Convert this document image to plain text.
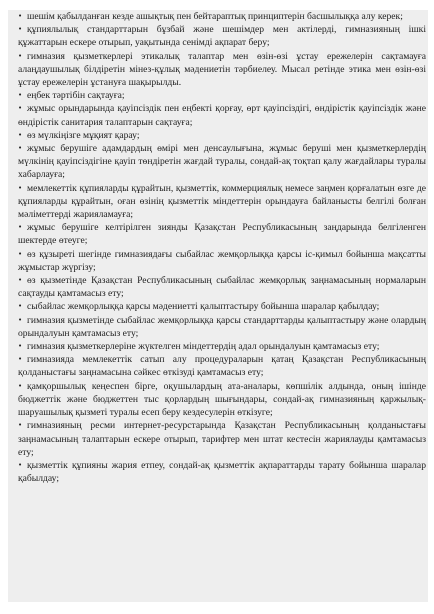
• шешім қабылданған кезде ашықтық пен бейтараптық принциптерін басшылыққа алу керек;
• құпиялылық стандарттарын бұзбай және шешімдер мен актілерді, гимназияның ішкі құжаттарын ескере отырып, уақытында сенімді ақпарат беру;
• гимназия қызметкерлері этикалық талаптар мен өзін-өзі ұстау ережелерін сақтамауға алаңдаушылық білдіретін мінез-құлық мәдениетін тәрбиелеу. Мысал ретінде этика мен өзін-өзі ұстау ережелерін ұстануға шақырылды.
• еңбек тәртібін сақтауға;
• жұмыс орындарында қауіпсіздік пен еңбекті қорғау, өрт қауіпсіздігі, өндірістік қауіпсіздік және өндірістік санитария талаптарын сақтауға;
• өз мүлкіңізге мұқият қарау;
• жұмыс берушіге адамдардың өмірі мен денсаулығына, жұмыс беруші мен қызметкерлердің мүлкінің қауіпсіздігіне қауіп төндіретін жағдай туралы, сондай-ақ тоқтап қалу жағдайлары туралы хабарлауға;
• мемлекеттік құпияларды құрайтын, қызметтік, коммерциялық немесе заңмен қорғалатын өзге де құпияларды құрайтын, оған өзінің қызметтік міндеттерін орындауға байланысты белгілі болған мәліметтерді жарияламауға;
• жұмыс берушіге келтірілген зиянды Қазақстан Республикасының заңдарында белгіленген шектерде өтеуге;
• өз құзыреті шегінде гимназиядағы сыбайлас жемқорлыққа қарсы іс-қимыл бойынша мақсатты жұмыстар жүргізу;
• өз қызметінде Қазақстан Республикасының сыбайлас жемқорлық заңнамасының нормаларын сақтауды қамтамасыз ету;
• сыбайлас жемқорлыққа қарсы мәдениетті қалыптастыру бойынша шаралар қабылдау;
• гимназия қызметінде сыбайлас жемқорлыққа қарсы стандарттарды қалыптастыру және олардың орындалуын қамтамасыз ету;
• гимназия қызметкерлеріне жүктелген міндеттердің адал орындалуын қамтамасыз ету;
• гимназияда мемлекеттік сатып алу процедураларын қатаң Қазақстан Республикасының қолданыстағы заңнамасына сәйкес өткізуді қамтамасыз ету;
• қамқоршылық кеңеспен бірге, оқушылардың ата-аналары, көпшілік алдында, оның ішінде бюджеттік және бюджеттен тыс қорлардың шығындары, сондай-ақ гимназияның қаржылық-шаруашылық қызметі туралы есеп беру кездесулерін өткізуге;
• гимназияның ресми интернет-ресурстарында Қазақстан Республикасының қолданыстағы заңнамасының талаптарын ескере отырып, тарифтер мен штат кестесін жариялауды қамтамасыз ету;
• қызметтік құпияны жария етпеу, сондай-ақ қызметтік ақпараттарды тарату бойынша шаралар қабылдау;
